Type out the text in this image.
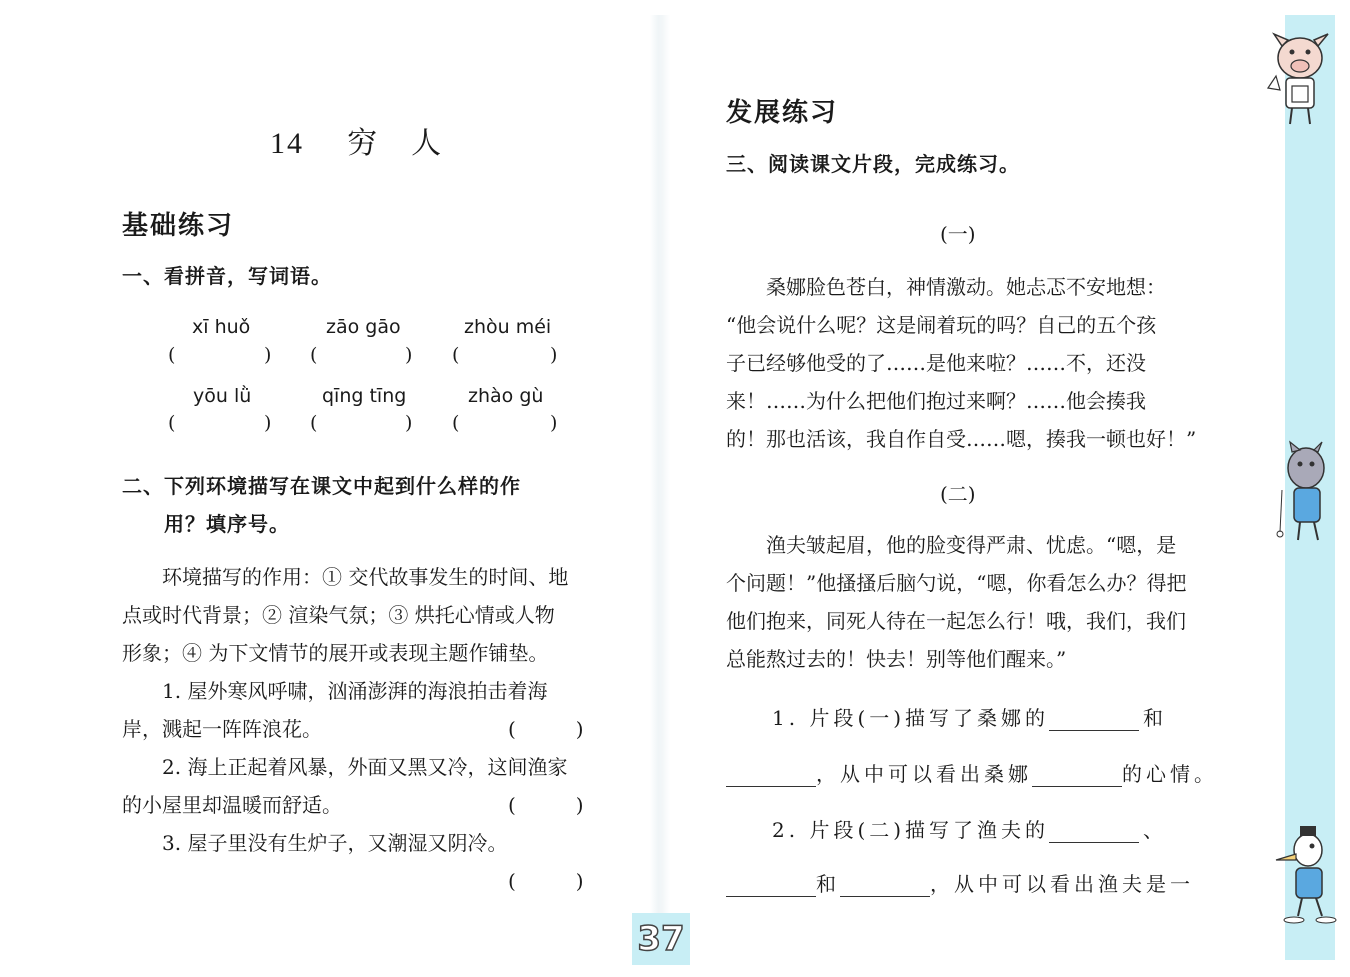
37
14 穷　人
基础练习
一、看拼音，写词语。
xī huǒ	zāo gāo	zhòu méi
(	) (	) (	)
yōu lǜ	qīng tīng	zhào gù
(	) (	) (	)
二、下列环境描写在课文中起到什么样的作
用？填序号。
　　环境描写的作用：① 交代故事发生的时间、地
点或时代背景；② 渲染气氛；③ 烘托心情或人物
形象；④ 为下文情节的展开或表现主题作铺垫。
　　1. 屋外寒风呼啸，汹涌澎湃的海浪拍击着海
岸，溅起一阵阵浪花。	(　　　)
　　2. 海上正起着风暴，外面又黑又冷，这间渔家
的小屋里却温暖而舒适。	(　　　)
　　3. 屋子里没有生炉子，又潮湿又阴冷。
(　　　)
发展练习
三、阅读课文片段，完成练习。
(一)
　　桑娜脸色苍白，神情激动。她忐忑不安地想：
“他会说什么呢？这是闹着玩的吗？自己的五个孩
子已经够他受的了……是他来啦？……不，还没
来！……为什么把他们抱过来啊？……他会揍我
的！那也活该，我自作自受……嗯，揍我一顿也好！”
(二)
　　渔夫皱起眉，他的脸变得严肃、忧虑。“嗯，是
个问题！”他搔搔后脑勺说，“嗯，你看怎么办？得把
他们抱来，同死人待在一起怎么行！哦，我们，我们
总能熬过去的！快去！别等他们醒来。”
1. 片段(一)描写了桑娜的	和
，从中可以看出桑娜	的心情。
2. 片段(二)描写了渔夫的	、
和	，从中可以看出渔夫是一
